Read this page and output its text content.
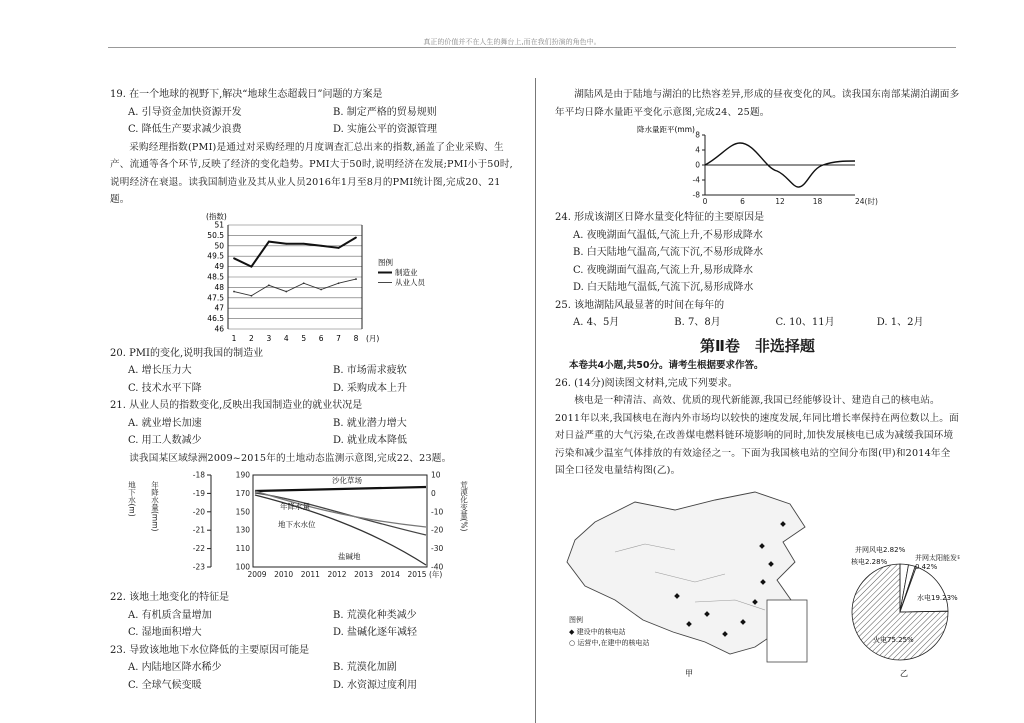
真正的价值并不在人生的舞台上,而在我们扮演的角色中。

19. 在一个地球的视野下,解决“地球生态超载日”问题的方案是

A. 引导资金加快资源开发	B. 制定严格的贸易规则
C. 降低生产要求减少浪费	D. 实施公平的资源管理

采购经理指数(PMI)是通过对采购经理的月度调查汇总出来的指数,涵盖了企业采购、生产、流通等各个环节,反映了经济的变化趋势。PMI大于50时,说明经济在发展;PMI小于50时,说明经济在衰退。读我国制造业及其从业人员2016年1月至8月的PMI统计图,完成20、21题。

(指数)
51
50.5
50
49.5
49
48.5
48
47.5
47
46.5
46
1 2 3 4 5 6 7 8 (月)
图例
制造业
从业人员

20. PMI的变化,说明我国的制造业

A. 增长压力大	B. 市场需求疲软
C. 技术水平下降	D. 采购成本上升

21. 从业人员的指数变化,反映出我国制造业的就业状况是

A. 就业增长加速	B. 就业潜力增大
C. 用工人数减少	D. 就业成本降低

读我国某区域绿洲2009~2015年的土地动态监测示意图,完成22、23题。

地下水(m) 年降水量(mm)	荒漠化变量(%)
-18
-19
-20
-21
-22
-23
190
170
150
130
110
100
10
0
-10
-20
-30
-40
2009 2010 2011 2012 2013 2014 2015 (年)
沙化草场
年降水量
地下水水位
盐碱地

22. 该地土地变化的特征是

A. 有机质含量增加	B. 荒漠化种类减少
C. 湿地面积增大	D. 盐碱化逐年减轻

23. 导致该地地下水位降低的主要原因可能是

A. 内陆地区降水稀少	B. 荒漠化加剧
C. 全球气候变暖	D. 水资源过度利用

湖陆风是由于陆地与湖泊的比热容差异,形成的昼夜变化的风。读我国东南部某湖泊湖面多年平均日降水量距平变化示意图,完成24、25题。

降水量距平(mm)
8
4
0
-4
-8
0	6	12	18	24(时)

24. 形成该湖区日降水量变化特征的主要原因是

A. 夜晚湖面气温低,气流上升,不易形成降水
B. 白天陆地气温高,气流下沉,不易形成降水
C. 夜晚湖面气温高,气流上升,易形成降水
D. 白天陆地气温低,气流下沉,易形成降水

25. 该地湖陆风最显著的时间在每年的

A. 4、5月	B. 7、8月	C. 10、11月	D. 1、2月
第Ⅱ卷　非选择题
本卷共4小题,共50分。请考生根据要求作答。

26. (14分)阅读图文材料,完成下列要求。

核电是一种清洁、高效、优质的现代新能源,我国已经能够设计、建造自己的核电站。2011年以来,我国核电在海内外市场均以较快的速度发展,年同比增长率保持在两位数以上。面对日益严重的大气污染,在改善煤电燃料链环境影响的同时,加快发展核电已成为减缓我国环境污染和减少温室气体排放的有效途径之一。下面为我国核电站的空间分布图(甲)和2014年全国全口径发电量结构图(乙)。

图例
◆ 建设中的核电站
○ 运营中,在建中的核电站
甲
并网风电2.82%
核电2.28%	并网太阳能发电
0.42%
水电19.23%
火电75.25%
乙
